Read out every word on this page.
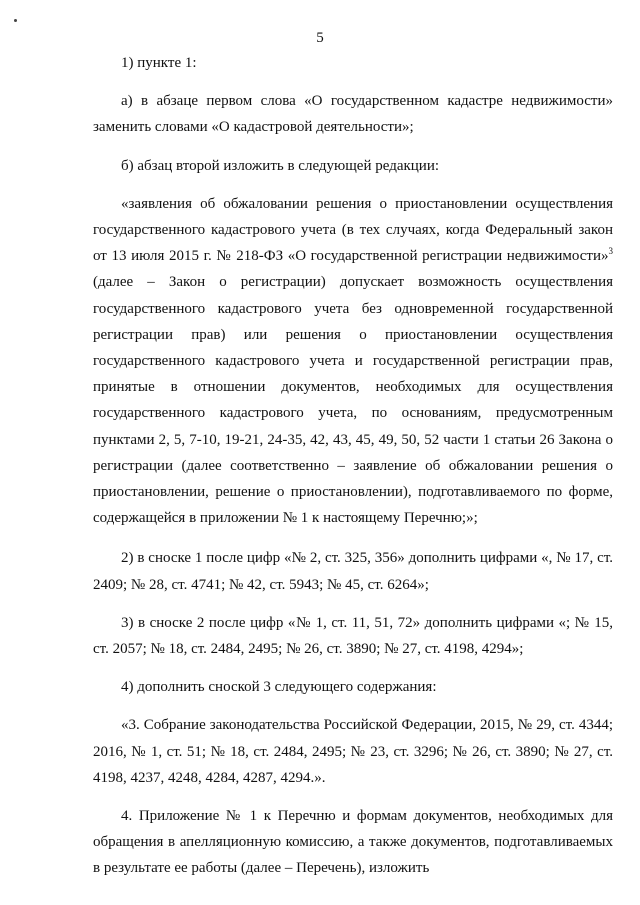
5

1) пункте 1:

а) в абзаце первом слова «О государственном кадастре недвижимости» заменить словами «О кадастровой деятельности»;

б) абзац второй изложить в следующей редакции:

«заявления об обжаловании решения о приостановлении осуществления государственного кадастрового учета (в тех случаях, когда Федеральный закон от 13 июля 2015 г. № 218-ФЗ «О государственной регистрации недвижимости»$^3$ (далее – Закон о регистрации) допускает возможность осуществления государственного кадастрового учета без одновременной государственной регистрации прав) или решения о приостановлении осуществления государственного кадастрового учета и государственной регистрации прав, принятые в отношении документов, необходимых для осуществления государственного кадастрового учета, по основаниям, предусмотренным пунктами 2, 5, 7-10, 19-21, 24-35, 42, 43, 45, 49, 50, 52 части 1 статьи 26 Закона о регистрации (далее соответственно – заявление об обжаловании решения о приостановлении, решение о приостановлении), подготавливаемого по форме, содержащейся в приложении № 1 к настоящему Перечню;»;

2) в сноске 1 после цифр «№ 2, ст. 325, 356» дополнить цифрами «, № 17, ст. 2409; № 28, ст. 4741; № 42, ст. 5943; № 45, ст. 6264»;

3) в сноске 2 после цифр «№ 1, ст. 11, 51, 72» дополнить цифрами «; № 15, ст. 2057; № 18, ст. 2484, 2495; № 26, ст. 3890; № 27, ст. 4198, 4294»;

4) дополнить сноской 3 следующего содержания:

«3. Собрание законодательства Российской Федерации, 2015, № 29, ст. 4344; 2016, № 1, ст. 51; № 18, ст. 2484, 2495; № 23, ст. 3296; № 26, ст. 3890; № 27, ст. 4198, 4237, 4248, 4284, 4287, 4294.».

4. Приложение № 1 к Перечню и формам документов, необходимых для обращения в апелляционную комиссию, а также документов, подготавливаемых в результате ее работы (далее – Перечень), изложить
